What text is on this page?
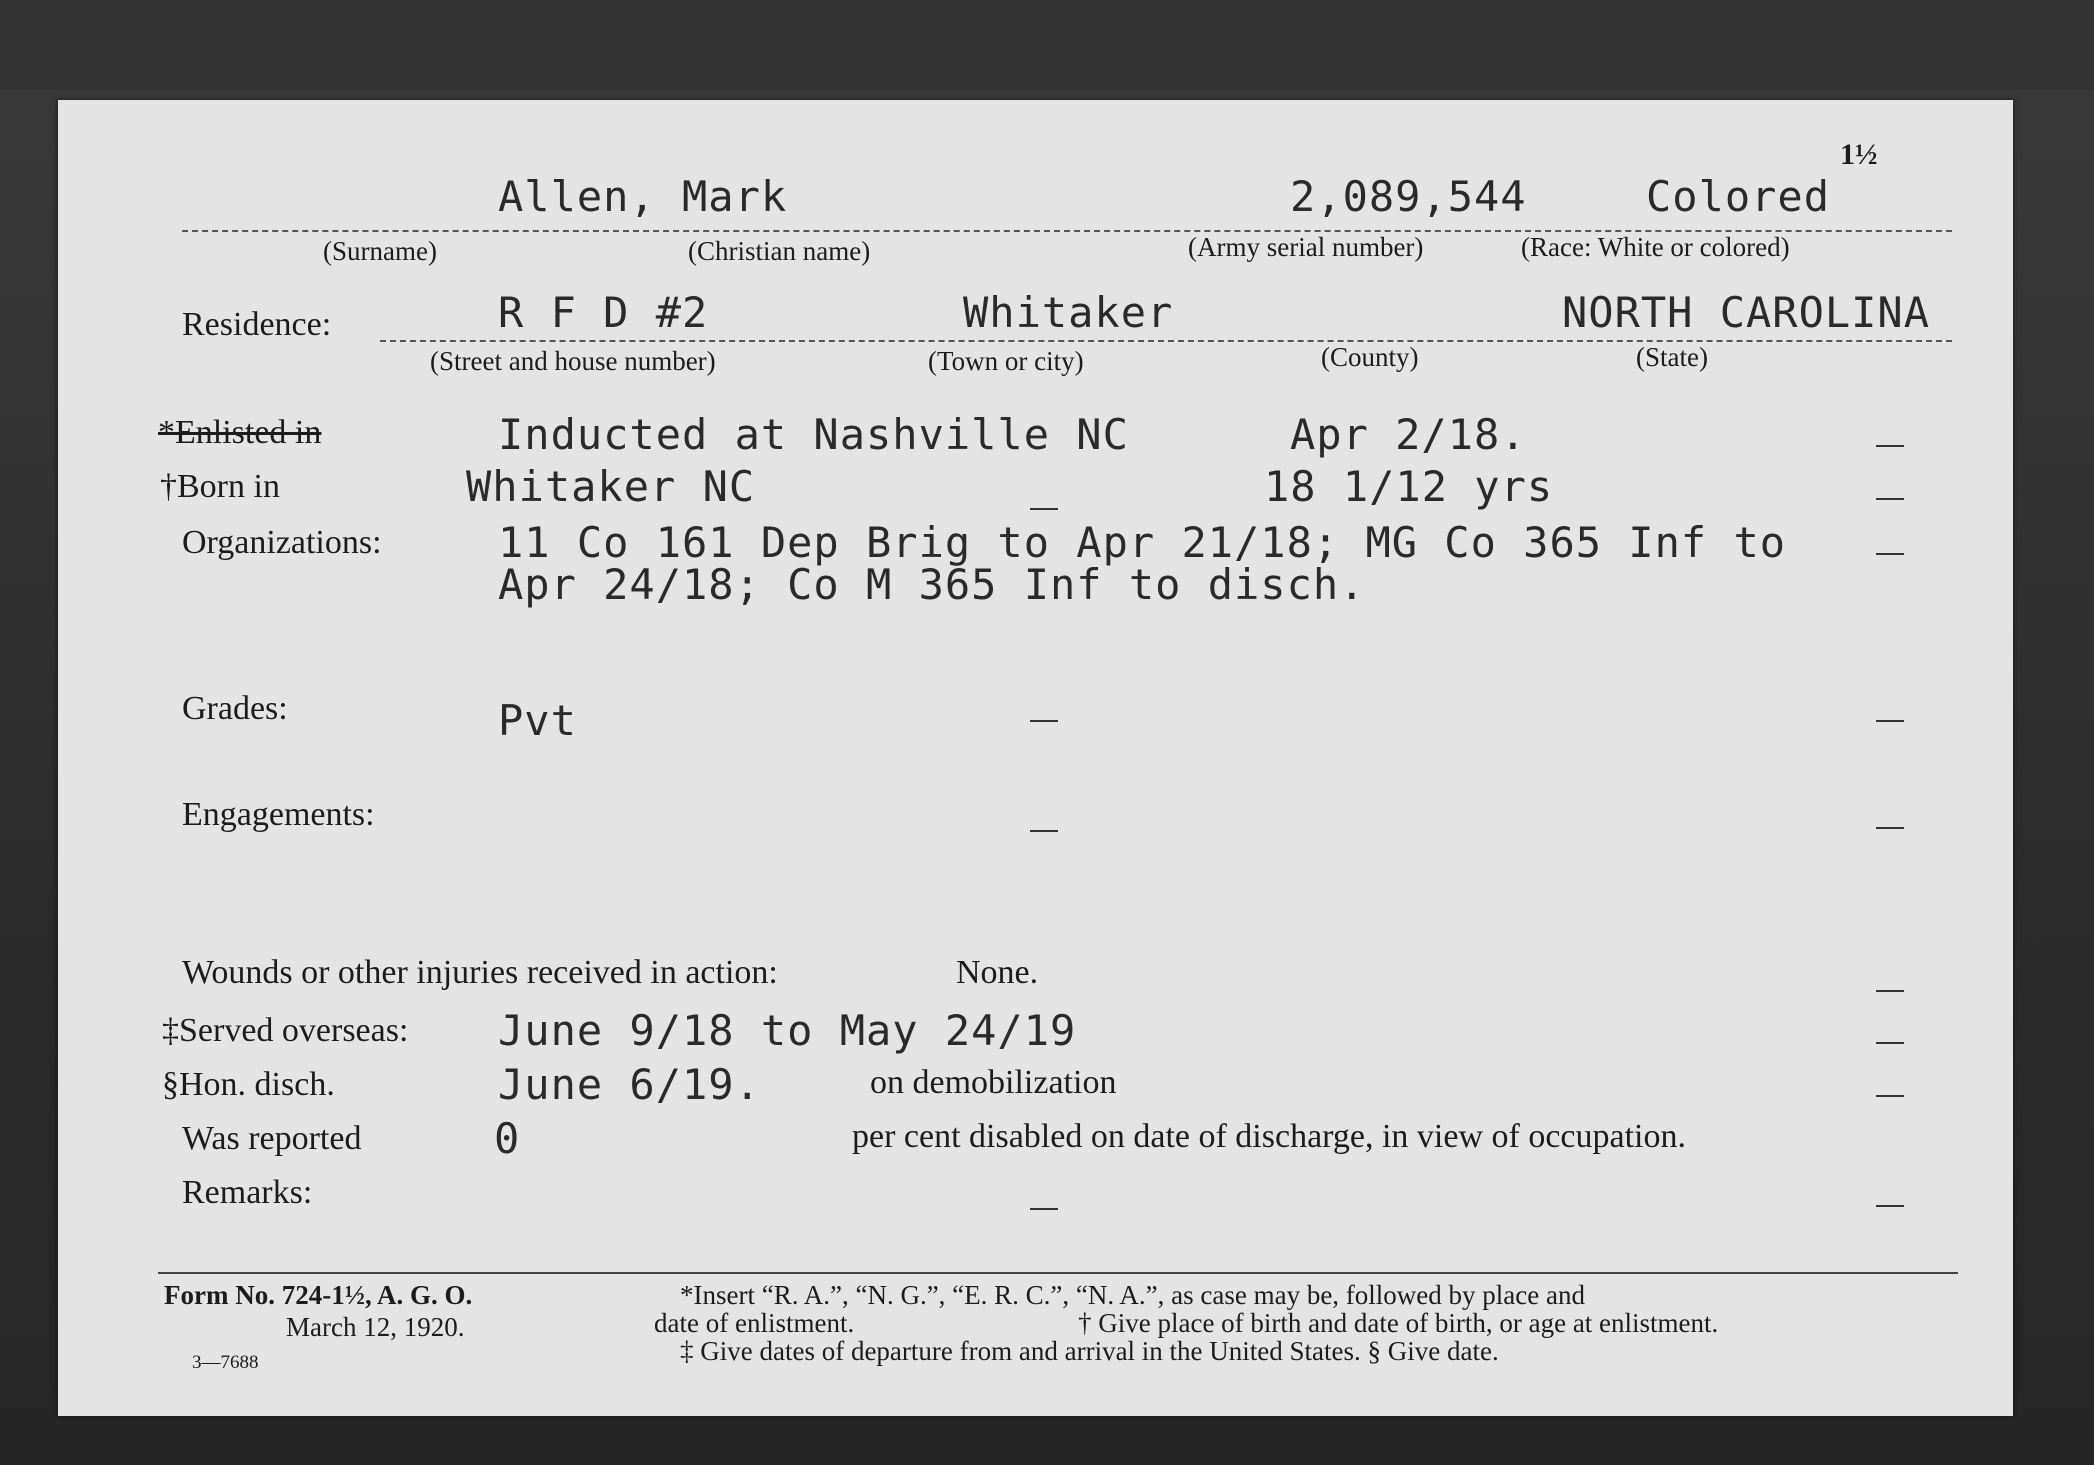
1½
Allen, Mark	2,089,544	Colored
(Surname)	(Christian name)	(Army serial number)	(Race: White or colored)
Residence:	R F D #2	Whitaker	NORTH CAROLINA
(Street and house number)	(Town or city)	(County)	(State)
*Enlisted in	Inducted at Nashville NC	Apr 2/18.
†Born in	Whitaker NC	18 1/12 yrs
Organizations:	11 Co 161 Dep Brig to Apr 21/18; MG Co 365 Inf to
Apr 24/18; Co M 365 Inf to disch.
Grades:	Pvt
Engagements:
Wounds or other injuries received in action:	None.
‡Served overseas: June 9/18 to May 24/19
§Hon. disch.	June 6/19.	on demobilization
Was reported	0	per cent disabled on date of discharge, in view of occupation.
Remarks:
Form No. 724-1½, A. G. O.
March 12, 1920.
3—7688
*Insert “R. A.”, “N. G.”, “E. R. C.”, “N. A.”, as case may be, followed by place and
date of enlistment.	† Give place of birth and date of birth, or age at enlistment.
‡ Give dates of departure from and arrival in the United States. § Give date.
